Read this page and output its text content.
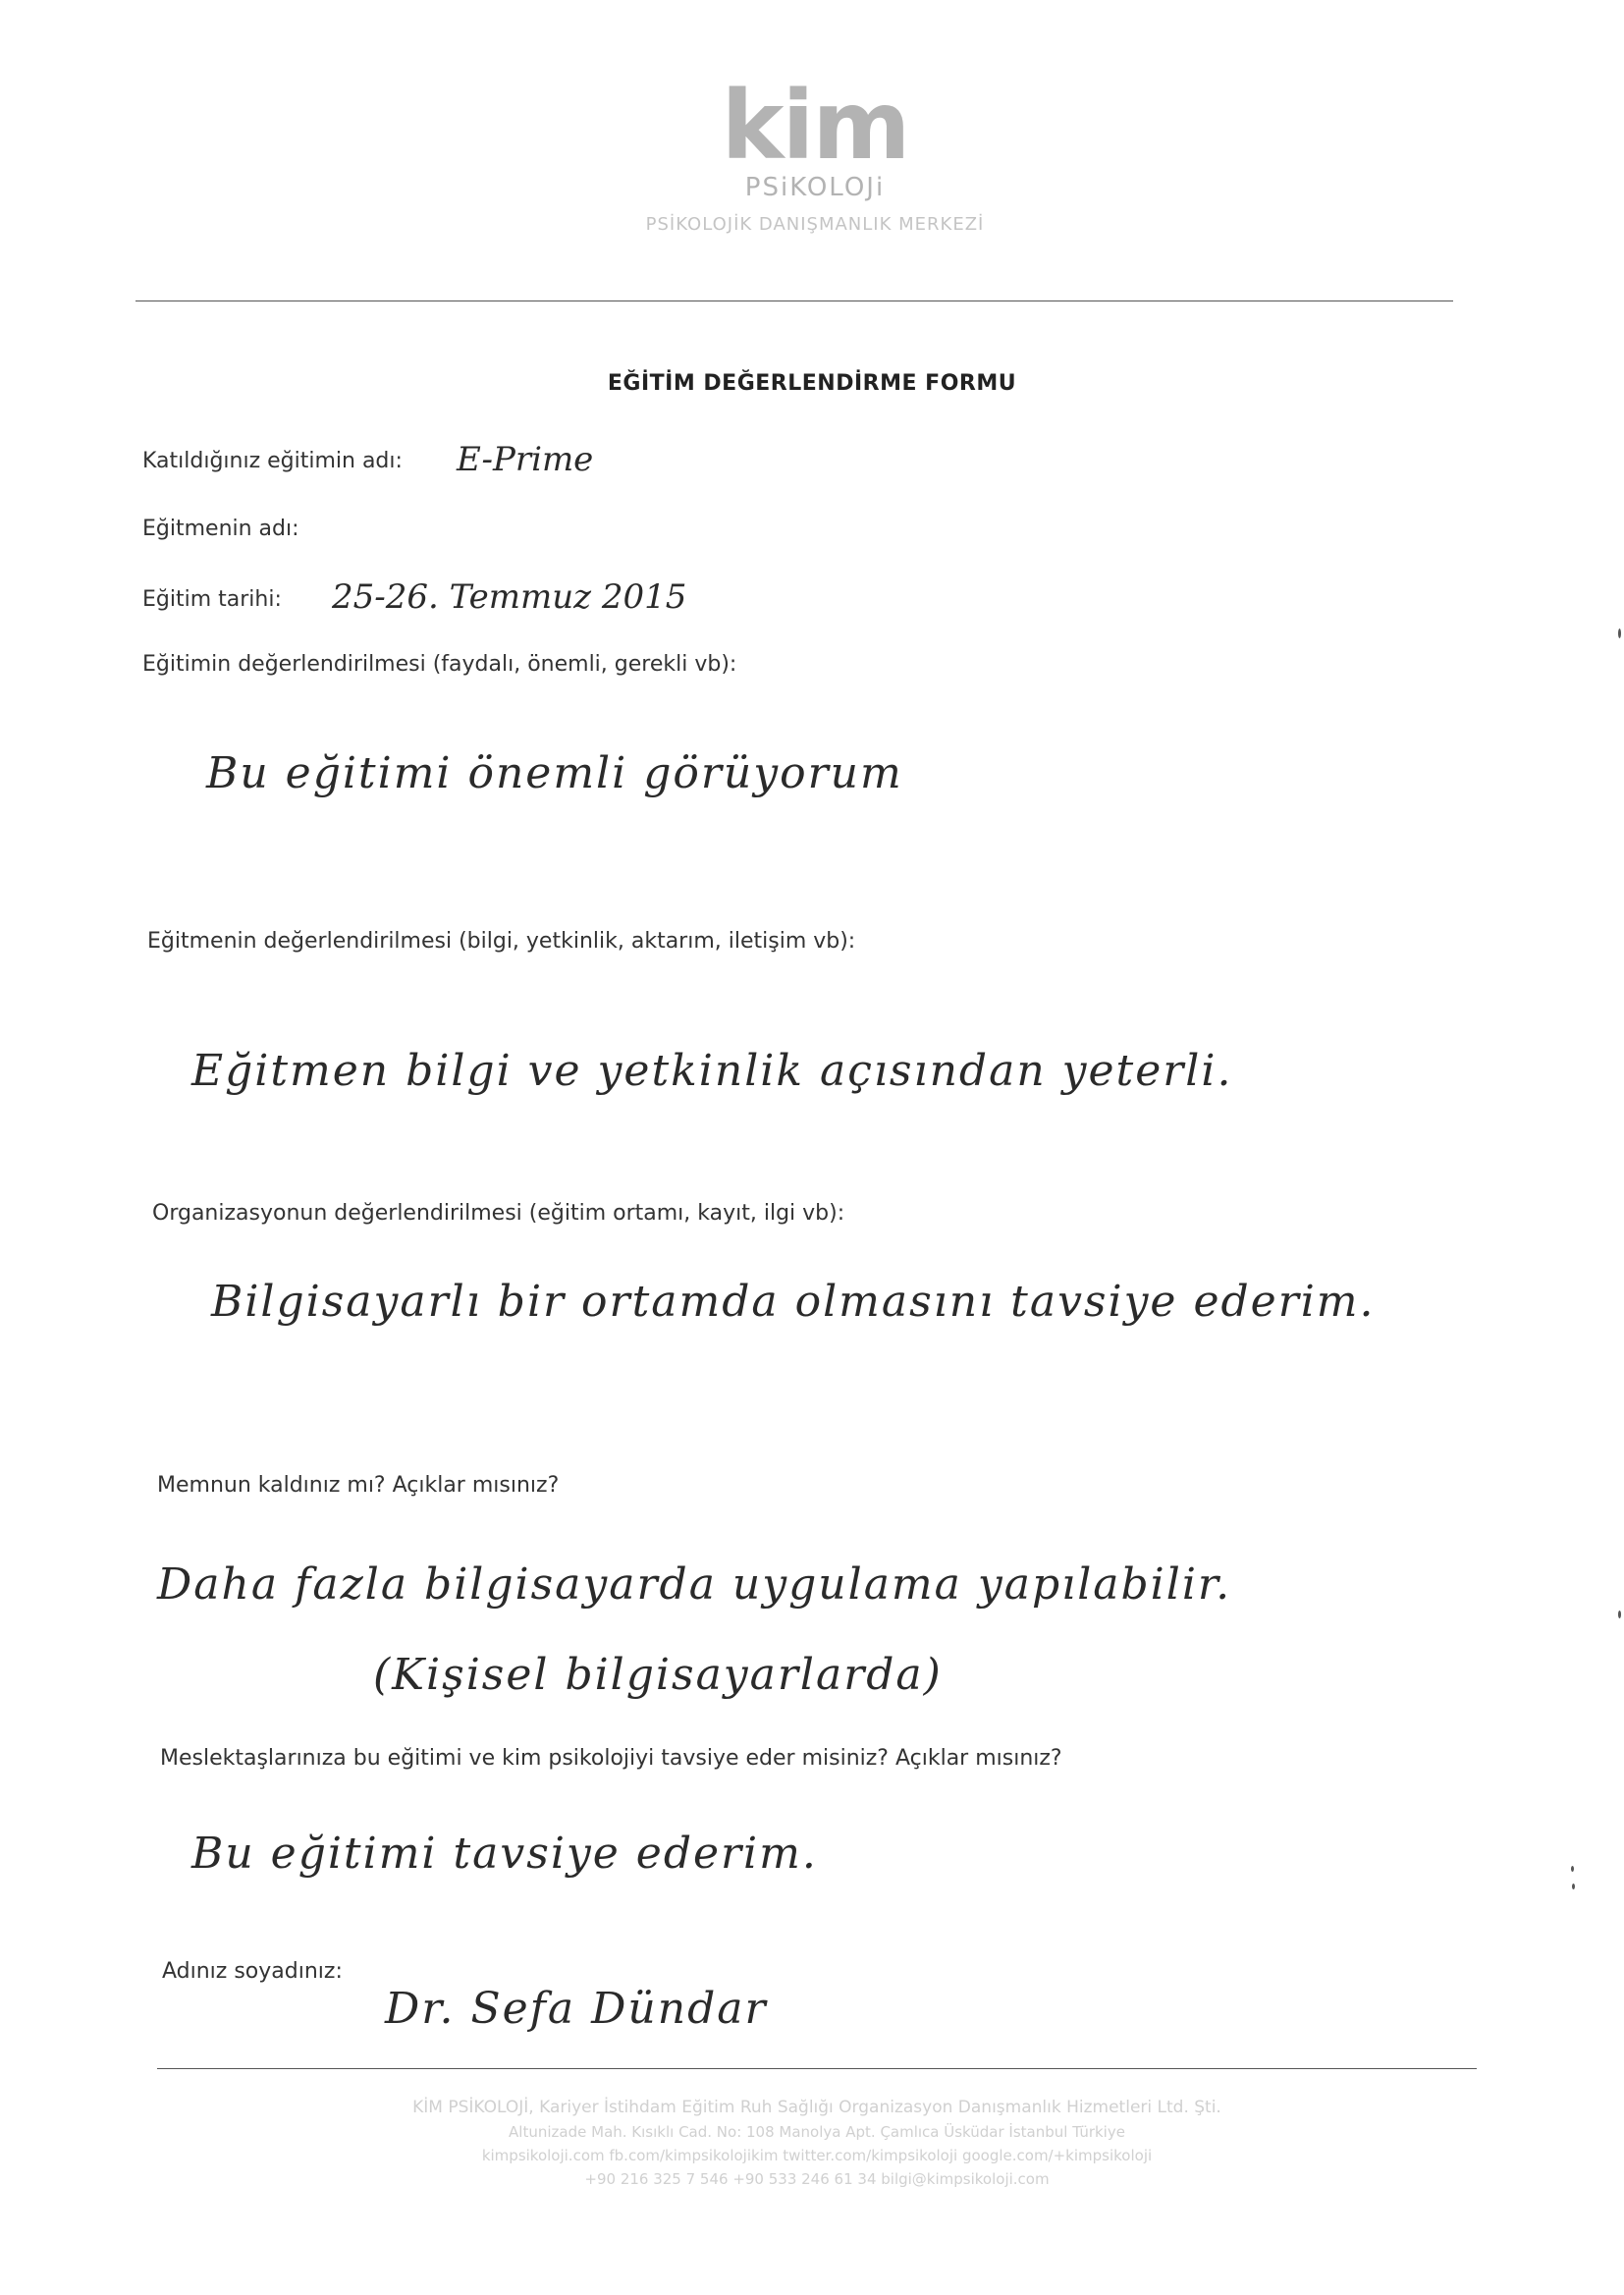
kim
PSiKOLOJi
PSİKOLOJİK DANIŞMANLIK MERKEZİ
EĞİTİM DEĞERLENDİRME FORMU
Katıldığınız eğitimin adı: E-Prime
Eğitmenin adı:
Eğitim tarihi: 25-26. Temmuz 2015
Eğitimin değerlendirilmesi (faydalı, önemli, gerekli vb):
Bu eğitimi önemli görüyorum
Eğitmenin değerlendirilmesi (bilgi, yetkinlik, aktarım, iletişim vb):
Eğitmen bilgi ve yetkinlik açısından yeterli.
Organizasyonun değerlendirilmesi (eğitim ortamı, kayıt, ilgi vb):
Bilgisayarlı bir ortamda olmasını tavsiye ederim.
Memnun kaldınız mı? Açıklar mısınız?
Daha fazla bilgisayarda uygulama yapılabilir.
(Kişisel bilgisayarlarda)
Meslektaşlarınıza bu eğitimi ve kim psikolojiyi tavsiye eder misiniz? Açıklar mısınız?
Bu eğitimi tavsiye ederim.
Adınız soyadınız:
Dr. Sefa Dündar
KİM PSİKOLOJİ, Kariyer İstihdam Eğitim Ruh Sağlığı Organizasyon Danışmanlık Hizmetleri Ltd. Şti.
Altunizade Mah. Kısıklı Cad. No: 108 Manolya Apt. Çamlıca Üsküdar İstanbul Türkiye
kimpsikoloji.com fb.com/kimpsikolojikim twitter.com/kimpsikoloji google.com/+kimpsikoloji
+90 216 325 7 546 +90 533 246 61 34 bilgi@kimpsikoloji.com
